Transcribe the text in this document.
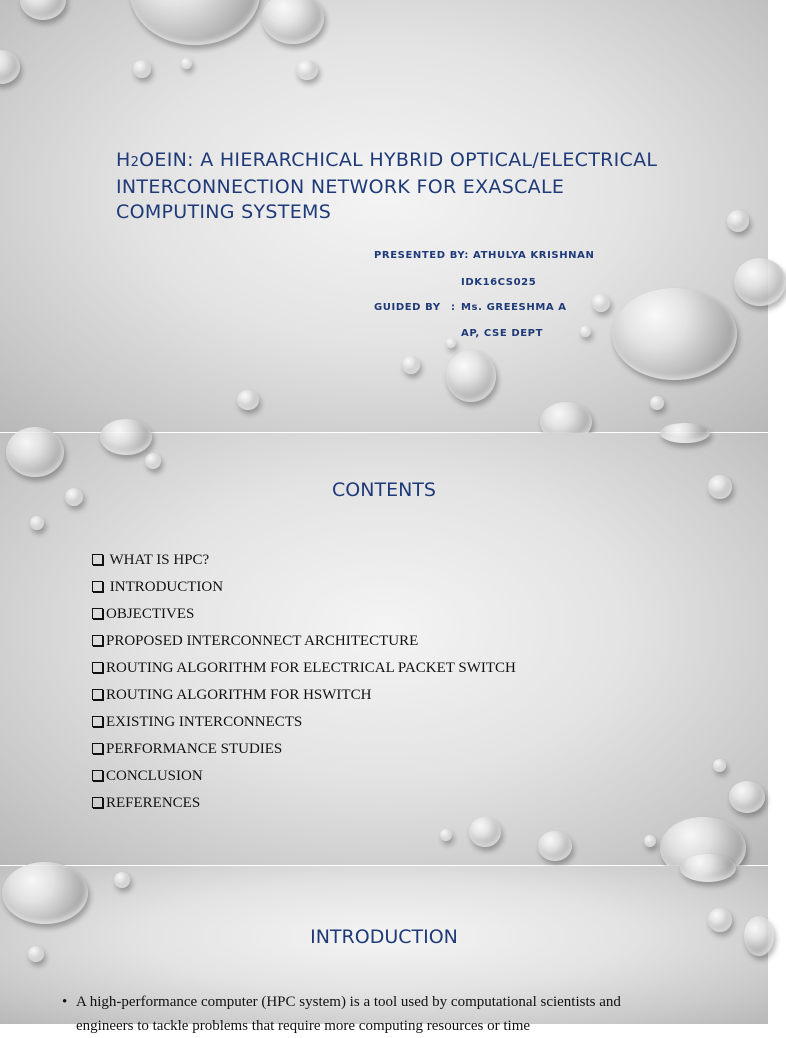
H2OEIN: A HIERARCHICAL HYBRID OPTICAL/ELECTRICAL INTERCONNECTION NETWORK FOR EXASCALE COMPUTING SYSTEMS
PRESENTED BY: ATHULYA KRISHNAN
IDK16CS025
GUIDED BY : Ms. GREESHMA A
AP, CSE DEPT
CONTENTS
WHAT IS HPC?
INTRODUCTION
OBJECTIVES
PROPOSED INTERCONNECT ARCHITECTURE
ROUTING ALGORITHM FOR ELECTRICAL PACKET SWITCH
ROUTING ALGORITHM FOR HSWITCH
EXISTING INTERCONNECTS
PERFORMANCE STUDIES
CONCLUSION
REFERENCES
INTRODUCTION
• A high-performance computer (HPC system) is a tool used by computational scientists and
engineers to tackle problems that require more computing resources or time
